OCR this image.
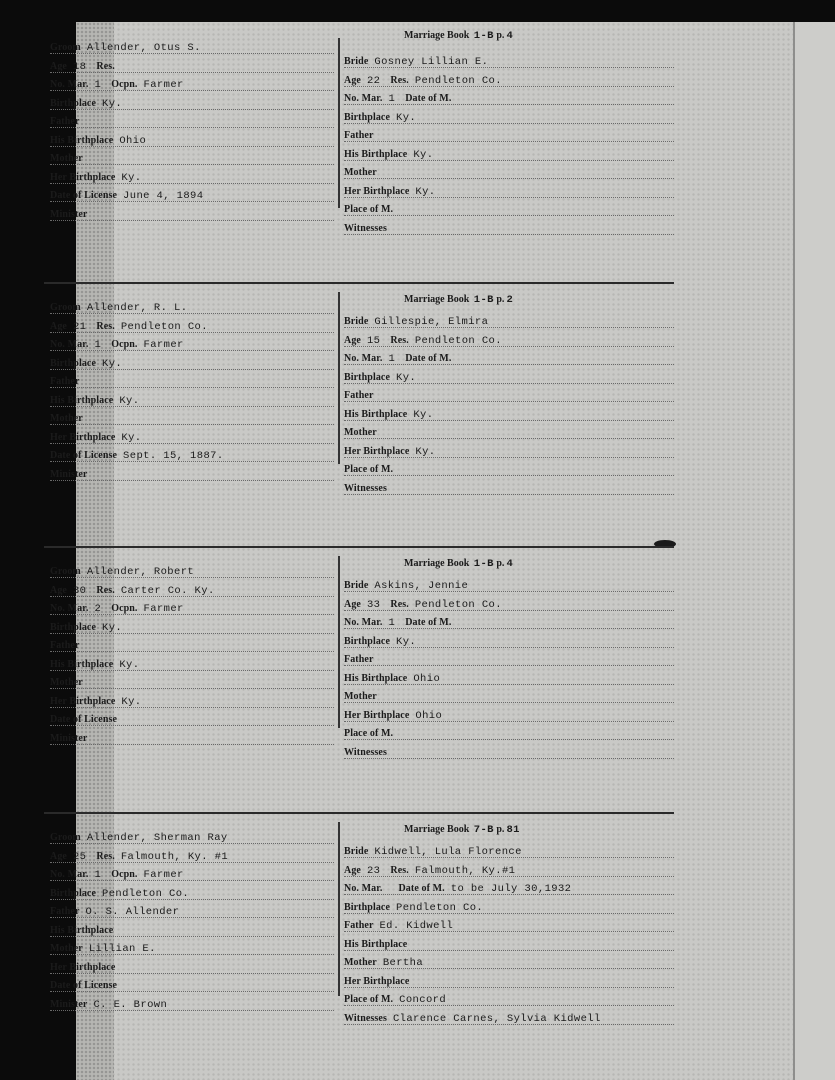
Marriage Book 1-B p. 4
Groom Allender, Otus S.
Age 18 Res.
No. Mar. 1 Ocpn. Farmer
Birthplace Ky.
Father
His Birthplace Ohio
Mother
Her Birthplace Ky.
Date of License June 4, 1894
Minister
Bride Gosney Lillian E.
Age 22 Res. Pendleton Co.
No. Mar. 1 Date of M.
Birthplace Ky.
Father
His Birthplace Ky.
Mother
Her Birthplace Ky.
Place of M.
Witnesses
Marriage Book 1-B p. 2
Groom Allender, R. L.
Age 21 Res. Pendleton Co.
No. Mar. 1 Ocpn. Farmer
Birthplace Ky.
Father
His Birthplace Ky.
Mother
Her Birthplace Ky.
Date of License Sept. 15, 1887.
Minister
Bride Gillespie, Elmira
Age 15 Res. Pendleton Co.
No. Mar. 1 Date of M.
Birthplace Ky.
Father
His Birthplace Ky.
Mother
Her Birthplace Ky.
Place of M.
Witnesses
Marriage Book 1-B p. 4
Groom Allender, Robert
Age 30 Res. Carter Co. Ky.
No. Mar. 2 Ocpn. Farmer
Birthplace Ky.
Father
His Birthplace Ky.
Mother
Her Birthplace Ky.
Date of License
Minister
Bride Askins, Jennie
Age 33 Res. Pendleton Co.
No. Mar. 1 Date of M.
Birthplace Ky.
Father
His Birthplace Ohio
Mother
Her Birthplace Ohio
Place of M.
Witnesses
Marriage Book 7-B p. 81
Groom Allender, Sherman Ray
Age 25 Res. Falmouth, Ky. #1
No. Mar. 1 Ocpn. Farmer
Birthplace Pendleton Co.
Father O. S. Allender
His Birthplace
Mother Lillian E.
Her Birthplace
Date of License
Minister C. E. Brown
Bride Kidwell, Lula Florence
Age 23 Res. Falmouth, Ky.#1
No. Mar. Date of M. to be July 30,1932
Birthplace Pendleton Co.
Father Ed. Kidwell
His Birthplace
Mother Bertha
Her Birthplace
Place of M. Concord
Witnesses Clarence Carnes, Sylvia Kidwell
